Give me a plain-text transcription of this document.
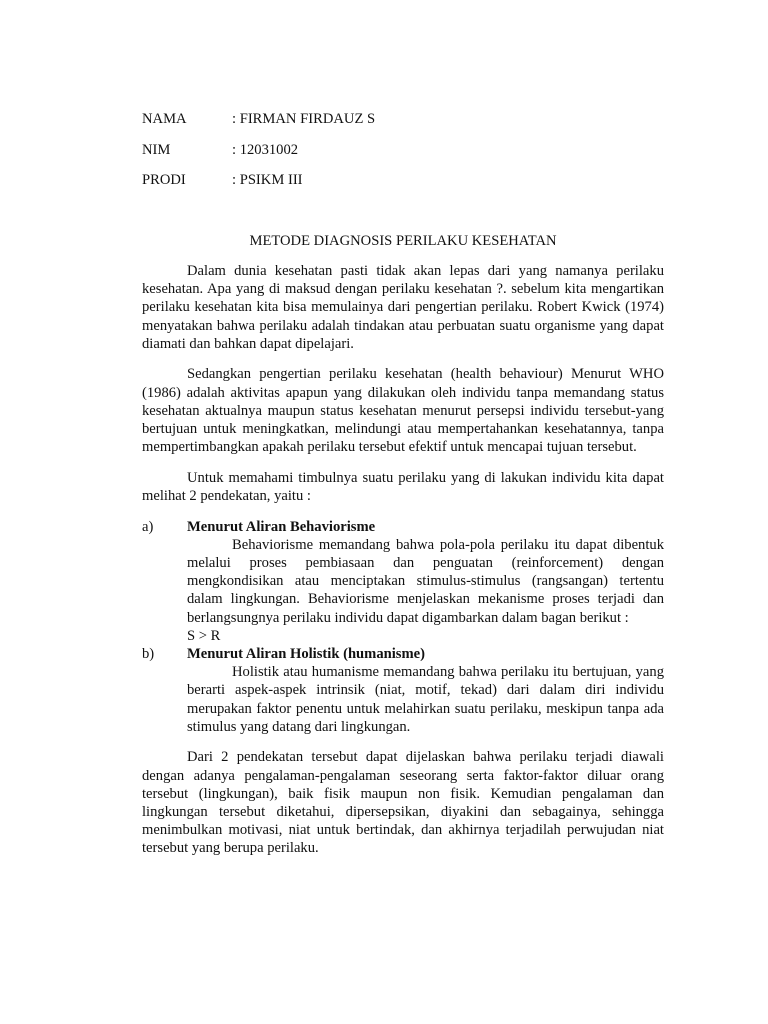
NAMA	: FIRMAN FIRDAUZ S
NIM	: 12031002
PRODI	: PSIKM III
METODE DIAGNOSIS PERILAKU KESEHATAN

Dalam dunia kesehatan pasti tidak akan lepas dari yang namanya perilaku kesehatan. Apa yang di maksud dengan perilaku kesehatan ?. sebelum kita mengartikan perilaku kesehatan kita bisa memulainya dari pengertian perilaku. Robert Kwick (1974) menyatakan bahwa perilaku adalah tindakan atau perbuatan suatu organisme yang dapat diamati dan bahkan dapat dipelajari.

Sedangkan pengertian perilaku kesehatan (health behaviour) Menurut WHO (1986) adalah aktivitas apapun yang dilakukan oleh individu tanpa memandang status kesehatan aktualnya maupun status kesehatan menurut persepsi individu tersebut-yang bertujuan untuk meningkatkan, melindungi atau mempertahankan kesehatannya, tanpa mempertimbangkan apakah perilaku tersebut efektif untuk mencapai tujuan tersebut.

Untuk memahami timbulnya suatu perilaku yang di lakukan individu kita dapat melihat 2 pendekatan, yaitu :

a)	Menurut Aliran Behaviorisme

Behaviorisme memandang bahwa pola-pola perilaku itu dapat dibentuk melalui proses pembiasaan dan penguatan (reinforcement) dengan mengkondisikan atau menciptakan stimulus-stimulus (rangsangan) tertentu dalam lingkungan. Behaviorisme menjelaskan mekanisme proses terjadi dan berlangsungnya perilaku individu dapat digambarkan dalam bagan berikut :

S > R
b)	Menurut Aliran Holistik (humanisme)

Holistik atau humanisme memandang bahwa perilaku itu bertujuan, yang berarti aspek-aspek intrinsik (niat, motif, tekad) dari dalam diri individu merupakan faktor penentu untuk melahirkan suatu perilaku, meskipun tanpa ada stimulus yang datang dari lingkungan.

Dari 2 pendekatan tersebut dapat dijelaskan bahwa perilaku terjadi diawali dengan adanya pengalaman-pengalaman seseorang serta faktor-faktor diluar orang tersebut (lingkungan), baik fisik maupun non fisik. Kemudian pengalaman dan lingkungan tersebut diketahui, dipersepsikan, diyakini dan sebagainya, sehingga menimbulkan motivasi, niat untuk bertindak, dan akhirnya terjadilah perwujudan niat tersebut yang berupa perilaku.
